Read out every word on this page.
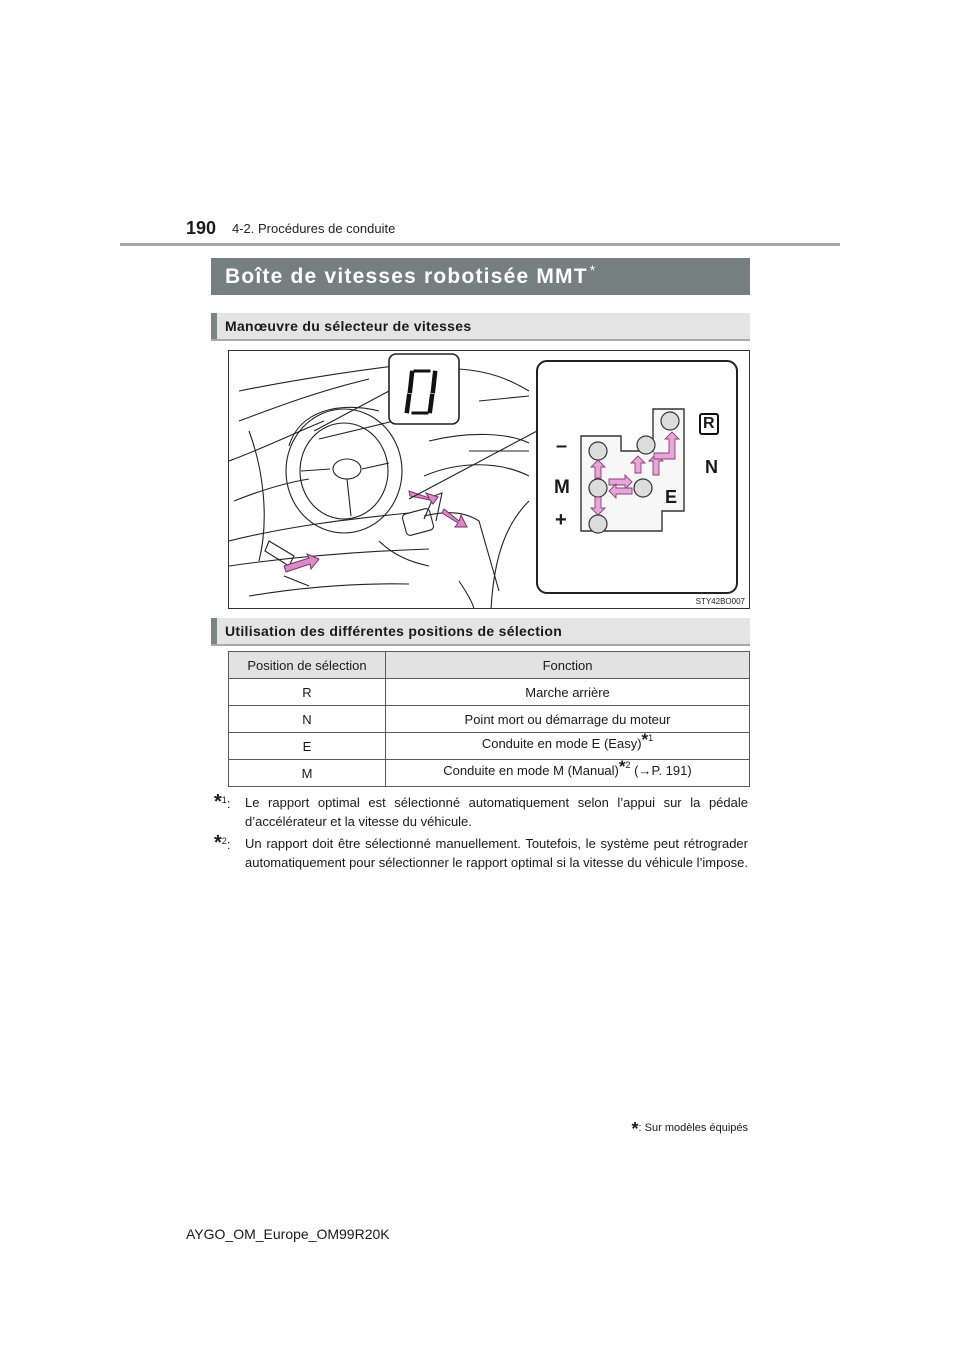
190 4-2. Procédures de conduite
Boîte de vitesses robotisée MMT *
Manœuvre du sélecteur de vitesses
–
M
+
R
N
E
STY42BO007
Utilisation des différentes positions de sélection
Position de sélection	Fonction
R	Marche arrière
N	Point mort ou démarrage du moteur
E	Conduite en mode E (Easy)$^{*1}$
M	Conduite en mode M (Manual)$^{*2}$ (→P. 191)
*$^1$: Le rapport optimal est sélectionné automatiquement selon l’appui sur la pédale d’accélérateur et la vitesse du véhicule.
*$^2$: Un rapport doit être sélectionné manuellement. Toutefois, le système peut rétrograder automatiquement pour sélectionner le rapport optimal si la vitesse du véhicule l’impose.
*: Sur modèles équipés
AYGO_OM_Europe_OM99R20K
